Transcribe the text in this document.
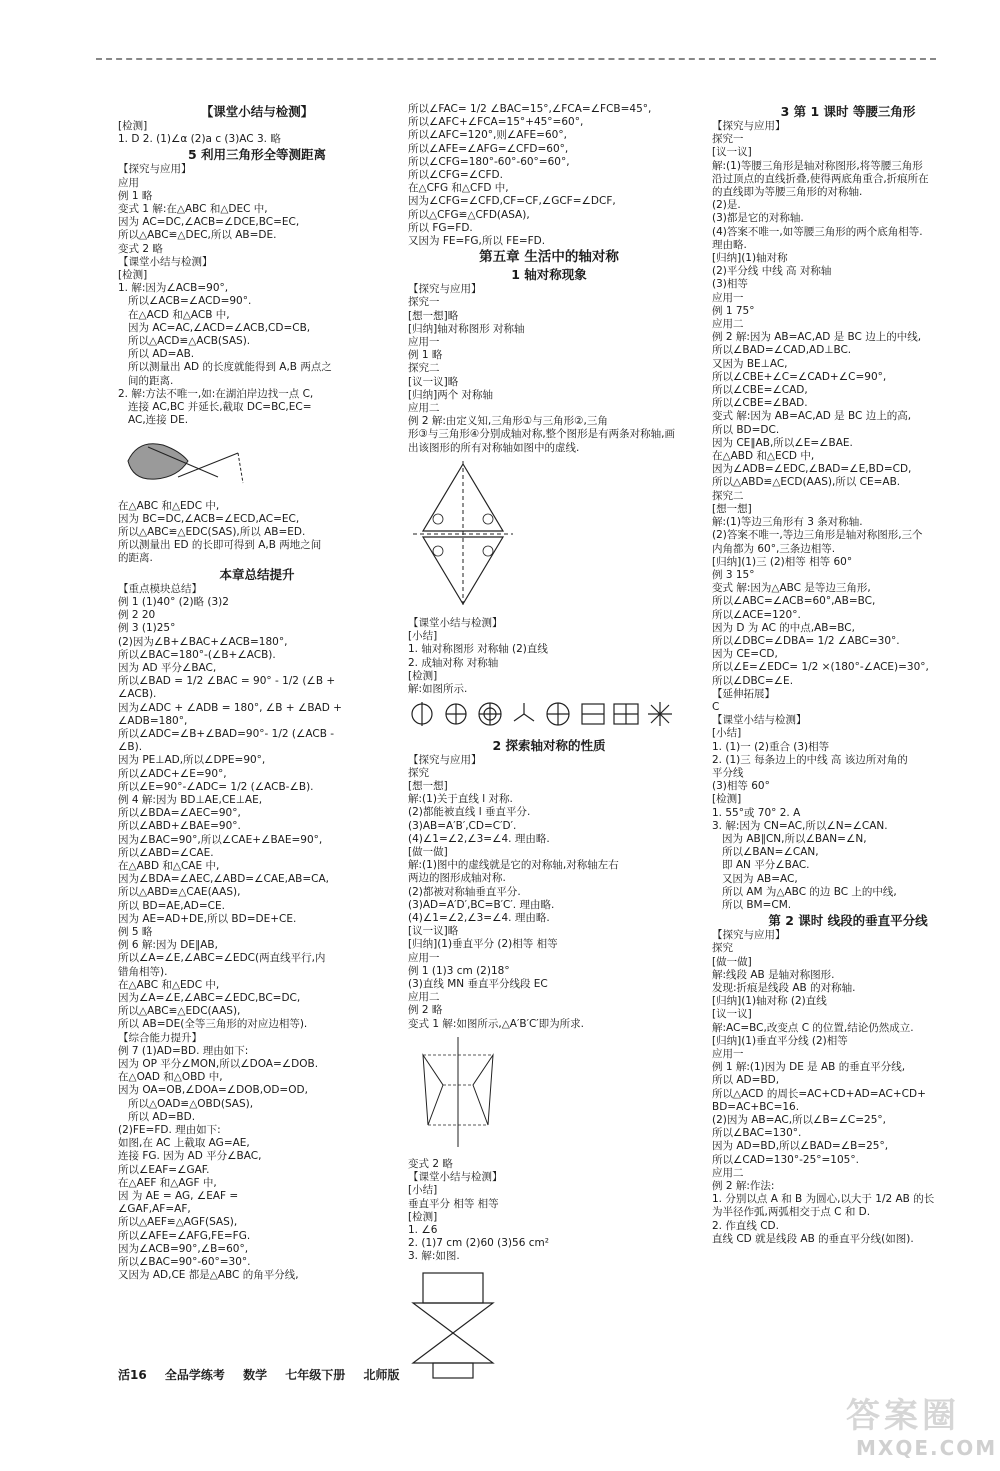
【课堂小结与检测】
[检测]
1. D 2. (1)∠α (2)a c (3)AC 3. 略
5 利用三角形全等测距离
【探究与应用】
应用
例 1 略
变式 1 解:在△ABC 和△DEC 中,
因为 AC=DC,∠ACB=∠DCE,BC=EC,
所以△ABC≌△DEC,所以 AB=DE.
变式 2 略
【课堂小结与检测】
[检测]
1. 解:因为∠ACB=90°,
所以∠ACB=∠ACD=90°.
在△ACD 和△ACB 中,
因为 AC=AC,∠ACD=∠ACB,CD=CB,
所以△ACD≌△ACB(SAS).
所以 AD=AB.
所以测量出 AD 的长度就能得到 A,B 两点之
间的距离.
2. 解:方法不唯一,如:在湖泊岸边找一点 C,
连接 AC,BC 并延长,截取 DC=BC,EC=
AC,连接 DE.
在△ABC 和△EDC 中,
因为 BC=DC,∠ACB=∠ECD,AC=EC,
所以△ABC≌△EDC(SAS),所以 AB=ED.
所以测量出 ED 的长即可得到 A,B 两地之间
的距离.
本章总结提升
【重点模块总结】
例 1 (1)40° (2)略 (3)2
例 2 20
例 3 (1)25°
(2)因为∠B+∠BAC+∠ACB=180°,
所以∠BAC=180°-(∠B+∠ACB).
因为 AD 平分∠BAC,
所以∠BAD = 1/2 ∠BAC = 90° - 1/2 (∠B +
∠ACB).
因为∠ADC + ∠ADB = 180°, ∠B + ∠BAD +
∠ADB=180°,
所以∠ADC=∠B+∠BAD=90°- 1/2 (∠ACB -
∠B).
因为 PE⊥AD,所以∠DPE=90°,
所以∠ADC+∠E=90°,
所以∠E=90°-∠ADC= 1/2 (∠ACB-∠B).
例 4 解:因为 BD⊥AE,CE⊥AE,
所以∠BDA=∠AEC=90°,
所以∠ABD+∠BAE=90°.
因为∠BAC=90°,所以∠CAE+∠BAE=90°,
所以∠ABD=∠CAE.
在△ABD 和△CAE 中,
因为∠BDA=∠AEC,∠ABD=∠CAE,AB=CA,
所以△ABD≌△CAE(AAS),
所以 BD=AE,AD=CE.
因为 AE=AD+DE,所以 BD=DE+CE.
例 5 略
例 6 解:因为 DE∥AB,
所以∠A=∠E,∠ABC=∠EDC(两直线平行,内
错角相等).
在△ABC 和△EDC 中,
因为∠A=∠E,∠ABC=∠EDC,BC=DC,
所以△ABC≌△EDC(AAS),
所以 AB=DE(全等三角形的对应边相等).
【综合能力提升】
例 7 (1)AD=BD. 理由如下:
因为 OP 平分∠MON,所以∠DOA=∠DOB.
在△OAD 和△OBD 中,
因为 OA=OB,∠DOA=∠DOB,OD=OD,
所以△OAD≌△OBD(SAS),
所以 AD=BD.
(2)FE=FD. 理由如下:
如图,在 AC 上截取 AG=AE,
连接 FG. 因为 AD 平分∠BAC,
所以∠EAF=∠GAF.
在△AEF 和△AGF 中,
因 为 AE = AG, ∠EAF =
∠GAF,AF=AF,
所以△AEF≌△AGF(SAS),
所以∠AFE=∠AFG,FE=FG.
因为∠ACB=90°,∠B=60°,
所以∠BAC=90°-60°=30°.
又因为 AD,CE 都是△ABC 的角平分线,
所以∠FAC= 1/2 ∠BAC=15°,∠FCA=∠FCB=45°,
所以∠AFC+∠FCA=15°+45°=60°,
所以∠AFC=120°,则∠AFE=60°,
所以∠AFE=∠AFG=∠CFD=60°,
所以∠CFG=180°-60°-60°=60°,
所以∠CFG=∠CFD.
在△CFG 和△CFD 中,
因为∠CFG=∠CFD,CF=CF,∠GCF=∠DCF,
所以△CFG≌△CFD(ASA),
所以 FG=FD.
又因为 FE=FG,所以 FE=FD.
第五章 生活中的轴对称
1 轴对称现象
【探究与应用】
探究一
[想一想]略
[归纳]轴对称图形 对称轴
应用一
例 1 略
探究二
[议一议]略
[归纳]两个 对称轴
应用二
例 2 解:由定义知,三角形①与三角形②,三角
形③与三角形④分别成轴对称,整个图形是有两条对称轴,画
出该图形的所有对称轴如图中的虚线.
【课堂小结与检测】
[小结]
1. 轴对称图形 对称轴 (2)直线
2. 成轴对称 对称轴
[检测]
解:如图所示.
2 探索轴对称的性质
【探究与应用】
探究
[想一想]
解:(1)关于直线 l 对称.
(2)都能被直线 l 垂直平分.
(3)AB=A′B′,CD=C′D′.
(4)∠1=∠2,∠3=∠4. 理由略.
[做一做]
解:(1)图中的虚线就是它的对称轴,对称轴左右
两边的图形成轴对称.
(2)都被对称轴垂直平分.
(3)AD=A′D′,BC=B′C′. 理由略.
(4)∠1=∠2,∠3=∠4. 理由略.
[议一议]略
[归纳](1)垂直平分 (2)相等 相等
应用一
例 1 (1)3 cm (2)18°
(3)直线 MN 垂直平分线段 EC
应用二
例 2 略
变式 1 解:如图所示,△A′B′C′即为所求.
变式 2 略
【课堂小结与检测】
[小结]
垂直平分 相等 相等
[检测]
1. ∠6
2. (1)7 cm (2)60 (3)56 cm²
3. 解:如图.
3 第 1 课时 等腰三角形
【探究与应用】
探究一
[议一议]
解:(1)等腰三角形是轴对称图形,将等腰三角形
沿过顶点的直线折叠,使得两底角重合,折痕所在
的直线即为等腰三角形的对称轴.
(2)是.
(3)都是它的对称轴.
(4)答案不唯一,如等腰三角形的两个底角相等.
理由略.
[归纳](1)轴对称
(2)平分线 中线 高 对称轴
(3)相等
应用一
例 1 75°
应用二
例 2 解:因为 AB=AC,AD 是 BC 边上的中线,
所以∠BAD=∠CAD,AD⊥BC.
又因为 BE⊥AC,
所以∠CBE+∠C=∠CAD+∠C=90°,
所以∠CBE=∠CAD,
所以∠CBE=∠BAD.
变式 解:因为 AB=AC,AD 是 BC 边上的高,
所以 BD=DC.
因为 CE∥AB,所以∠E=∠BAE.
在△ABD 和△ECD 中,
因为∠ADB=∠EDC,∠BAD=∠E,BD=CD,
所以△ABD≌△ECD(AAS),所以 CE=AB.
探究二
[想一想]
解:(1)等边三角形有 3 条对称轴.
(2)答案不唯一,等边三角形是轴对称图形,三个
内角都为 60°,三条边相等.
[归纳](1)三 (2)相等 相等 60°
例 3 15°
变式 解:因为△ABC 是等边三角形,
所以∠ABC=∠ACB=60°,AB=BC,
所以∠ACE=120°.
因为 D 为 AC 的中点,AB=BC,
所以∠DBC=∠DBA= 1/2 ∠ABC=30°.
因为 CE=CD,
所以∠E=∠EDC= 1/2 ×(180°-∠ACE)=30°,
所以∠DBC=∠E.
【延伸拓展】
C
【课堂小结与检测】
[小结]
1. (1)一 (2)重合 (3)相等
2. (1)三 每条边上的中线 高 该边所对角的
平分线
(3)相等 60°
[检测]
1. 55°或 70° 2. A
3. 解:因为 CN=AC,所以∠N=∠CAN.
因为 AB∥CN,所以∠BAN=∠N,
所以∠BAN=∠CAN,
即 AN 平分∠BAC.
又因为 AB=AC,
所以 AM 为△ABC 的边 BC 上的中线,
所以 BM=CM.
第 2 课时 线段的垂直平分线
【探究与应用】
探究
[做一做]
解:线段 AB 是轴对称图形.
发现:折痕是线段 AB 的对称轴.
[归纳](1)轴对称 (2)直线
[议一议]
解:AC=BC,改变点 C 的位置,结论仍然成立.
[归纳](1)垂直平分线 (2)相等
应用一
例 1 解:(1)因为 DE 是 AB 的垂直平分线,
所以 AD=BD,
所以△ACD 的周长=AC+CD+AD=AC+CD+
BD=AC+BC=16.
(2)因为 AB=AC,所以∠B=∠C=25°,
所以∠BAC=130°.
因为 AD=BD,所以∠BAD=∠B=25°,
所以∠CAD=130°-25°=105°.
应用二
例 2 解:作法:
1. 分别以点 A 和 B 为圆心,以大于 1/2 AB 的长
为半径作弧,两弧相交于点 C 和 D.
2. 作直线 CD.
直线 CD 就是线段 AB 的垂直平分线(如图).
活16 全品学练考 数学 七年级下册 北师版
答案圈
MXQE.COM
